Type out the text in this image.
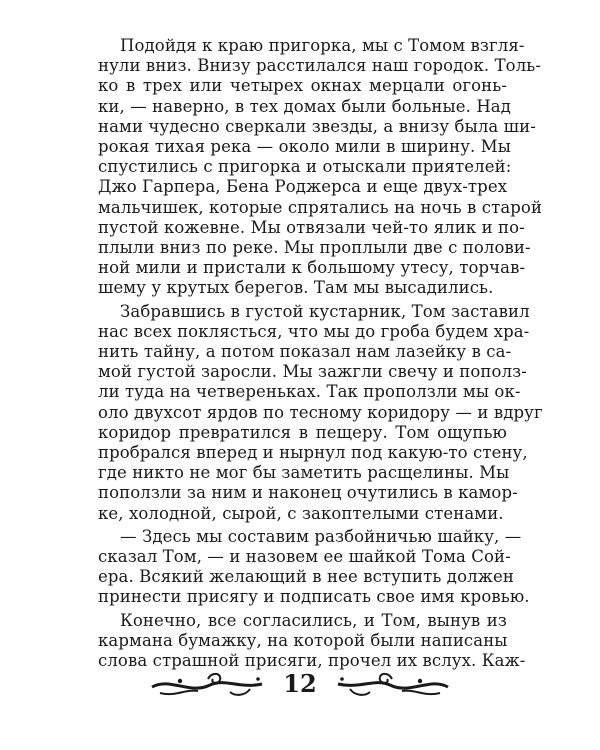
Подойдя к краю пригорка, мы с Томом взгля-
нули вниз. Внизу расстилался наш городок. Толь-
ко в трех или четырех окнах мерцали огонь-
ки, — наверно, в тех домах были больные. Над
нами чудесно сверкали звезды, а внизу была ши-
рокая тихая река — около мили в ширину. Мы
спустились с пригорка и отыскали приятелей:
Джо Гарпера, Бена Роджерса и еще двух-трех
мальчишек, которые спрятались на ночь в старой
пустой кожевне. Мы отвязали чей-то ялик и по-
плыли вниз по реке. Мы проплыли две с полови-
ной мили и пристали к большому утесу, торчав-
шему у крутых берегов. Там мы высадились.
Забравшись в густой кустарник, Том заставил
нас всех поклясться, что мы до гроба будем хра-
нить тайну, а потом показал нам лазейку в са-
мой густой заросли. Мы зажгли свечу и пополз-
ли туда на четвереньках. Так проползли мы ок-
оло двухсот ярдов по тесному коридору — и вдруг
коридор превратился в пещеру. Том ощупью
пробрался вперед и нырнул под какую-то стену,
где никто не мог бы заметить расщелины. Мы
поползли за ним и наконец очутились в камор-
ке, холодной, сырой, с закоптелыми стенами.
— Здесь мы составим разбойничью шайку, —
сказал Том, — и назовем ее шайкой Тома Сой-
ера. Всякий желающий в нее вступить должен
принести присягу и подписать свое имя кровью.
Конечно, все согласились, и Том, вынув из
кармана бумажку, на которой были написаны
слова страшной присяги, прочел их вслух. Каж-
12
